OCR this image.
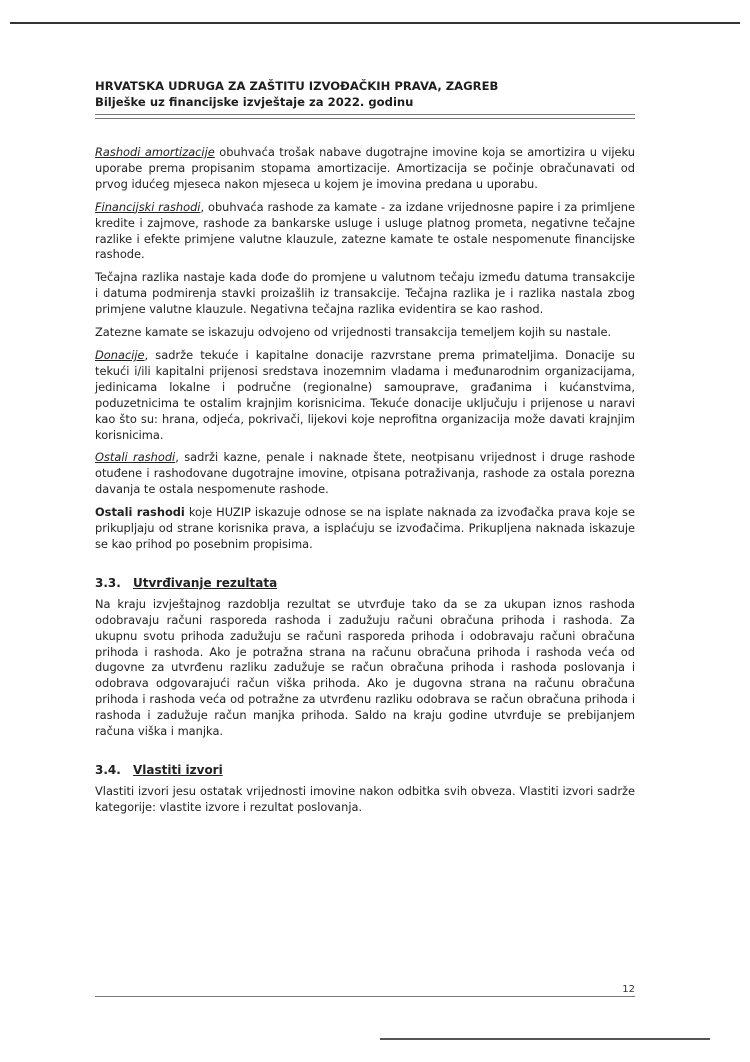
HRVATSKA UDRUGA ZA ZAŠTITU IZVOĐAČKIH PRAVA, ZAGREB
Bilješke uz financijske izvještaje za 2022. godinu

Rashodi amortizacije obuhvaća trošak nabave dugotrajne imovine koja se amortizira u vijeku uporabe prema propisanim stopama amortizacije. Amortizacija se počinje obračunavati od prvog idućeg mjeseca nakon mjeseca u kojem je imovina predana u uporabu.

Financijski rashodi, obuhvaća rashode za kamate - za izdane vrijednosne papire i za primljene kredite i zajmove, rashode za bankarske usluge i usluge platnog prometa, negativne tečajne razlike i efekte primjene valutne klauzule, zatezne kamate te ostale nespomenute financijske rashode.

Tečajna razlika nastaje kada dođe do promjene u valutnom tečaju između datuma transakcije i datuma podmirenja stavki proizašlih iz transakcije. Tečajna razlika je i razlika nastala zbog primjene valutne klauzule. Negativna tečajna razlika evidentira se kao rashod.

Zatezne kamate se iskazuju odvojeno od vrijednosti transakcija temeljem kojih su nastale.

Donacije, sadrže tekuće i kapitalne donacije razvrstane prema primateljima. Donacije su tekući i/ili kapitalni prijenosi sredstava inozemnim vladama i međunarodnim organizacijama, jedinicama lokalne i područne (regionalne) samouprave, građanima i kućanstvima, poduzetnicima te ostalim krajnjim korisnicima. Tekuće donacije uključuju i prijenose u naravi kao što su: hrana, odjeća, pokrivači, lijekovi koje neprofitna organizacija može davati krajnjim korisnicima.

Ostali rashodi, sadrži kazne, penale i naknade štete, neotpisanu vrijednost i druge rashode otuđene i rashodovane dugotrajne imovine, otpisana potraživanja, rashode za ostala porezna davanja te ostala nespomenute rashode.

Ostali rashodi koje HUZIP iskazuje odnose se na isplate naknada za izvođačka prava koje se prikupljaju od strane korisnika prava, a isplaćuju se izvođačima. Prikupljena naknada iskazuje se kao prihod po posebnim propisima.

3.3. Utvrđivanje rezultata

Na kraju izvještajnog razdoblja rezultat se utvrđuje tako da se za ukupan iznos rashoda odobravaju računi rasporeda rashoda i zadužuju računi obračuna prihoda i rashoda. Za ukupnu svotu prihoda zadužuju se računi rasporeda prihoda i odobravaju računi obračuna prihoda i rashoda. Ako je potražna strana na računu obračuna prihoda i rashoda veća od dugovne za utvrđenu razliku zadužuje se račun obračuna prihoda i rashoda poslovanja i odobrava odgovarajući račun viška prihoda. Ako je dugovna strana na računu obračuna prihoda i rashoda veća od potražne za utvrđenu razliku odobrava se račun obračuna prihoda i rashoda i zadužuje račun manjka prihoda. Saldo na kraju godine utvrđuje se prebijanjem računa viška i manjka.

3.4. Vlastiti izvori

Vlastiti izvori jesu ostatak vrijednosti imovine nakon odbitka svih obveza. Vlastiti izvori sadrže kategorije: vlastite izvore i rezultat poslovanja.

12
